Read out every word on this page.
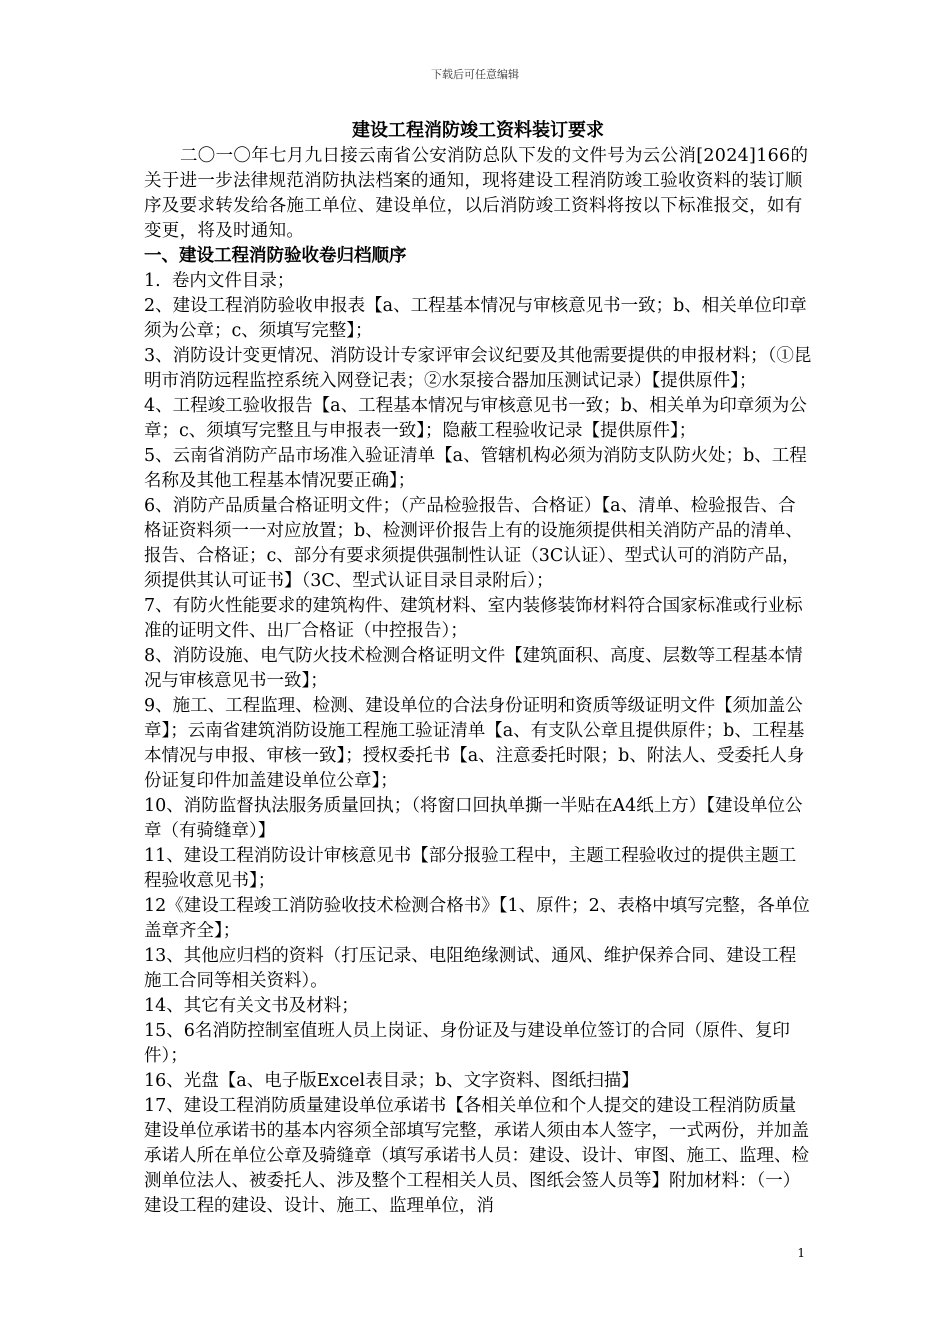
下载后可任意编辑

建设工程消防竣工资料装订要求

二〇一〇年七月九日接云南省公安消防总队下发的文件号为云公消[2024]166的关于进一步法律规范消防执法档案的通知，现将建设工程消防竣工验收资料的装订顺序及要求转发给各施工单位、建设单位，以后消防竣工资料将按以下标准报交，如有变更，将及时通知。

一、建设工程消防验收卷归档顺序

1.  卷内文件目录；

2、建设工程消防验收申报表【a、工程基本情况与审核意见书一致；b、相关单位印章须为公章；c、须填写完整】；

3、消防设计变更情况、消防设计专家评审会议纪要及其他需要提供的申报材料；（①昆明市消防远程监控系统入网登记表；②水泵接合器加压测试记录）【提供原件】；

4、工程竣工验收报告【a、工程基本情况与审核意见书一致；b、相关单为印章须为公章；c、须填写完整且与申报表一致】；隐蔽工程验收记录【提供原件】；

5、云南省消防产品市场准入验证清单【a、管辖机构必须为消防支队防火处；b、工程名称及其他工程基本情况要正确】；

6、消防产品质量合格证明文件；（产品检验报告、合格证）【a、清单、检验报告、合格证资料须一一对应放置；b、检测评价报告上有的设施须提供相关消防产品的清单、报告、合格证；c、部分有要求须提供强制性认证（3C认证）、型式认可的消防产品，须提供其认可证书】（3C、型式认证目录目录附后）；

7、有防火性能要求的建筑构件、建筑材料、室内装修装饰材料符合国家标准或行业标准的证明文件、出厂合格证（中控报告）；

8、消防设施、电气防火技术检测合格证明文件【建筑面积、高度、层数等工程基本情况与审核意见书一致】；

9、施工、工程监理、检测、建设单位的合法身份证明和资质等级证明文件【须加盖公章】；云南省建筑消防设施工程施工验证清单【a、有支队公章且提供原件；b、工程基本情况与申报、审核一致】；授权委托书【a、注意委托时限；b、附法人、受委托人身份证复印件加盖建设单位公章】；

10、消防监督执法服务质量回执；（将窗口回执单撕一半贴在A4纸上方）【建设单位公章（有骑缝章）】

11、建设工程消防设计审核意见书【部分报验工程中，主题工程验收过的提供主题工程验收意见书】；

12《建设工程竣工消防验收技术检测合格书》【1、原件；2、表格中填写完整，各单位盖章齐全】；

13、其他应归档的资料（打压记录、电阻绝缘测试、通风、维护保养合同、建设工程施工合同等相关资料）。

14、其它有关文书及材料；

15、6名消防控制室值班人员上岗证、身份证及与建设单位签订的合同（原件、复印件）；

16、光盘【a、电子版Excel表目录；b、文字资料、图纸扫描】

17、建设工程消防质量建设单位承诺书【各相关单位和个人提交的建设工程消防质量建设单位承诺书的基本内容须全部填写完整，承诺人须由本人签字，一式两份，并加盖承诺人所在单位公章及骑缝章（填写承诺书人员：建设、设计、审图、施工、监理、检测单位法人、被委托人、涉及整个工程相关人员、图纸会签人员等】附加材料：（一）建设工程的建设、设计、施工、监理单位，消

1
